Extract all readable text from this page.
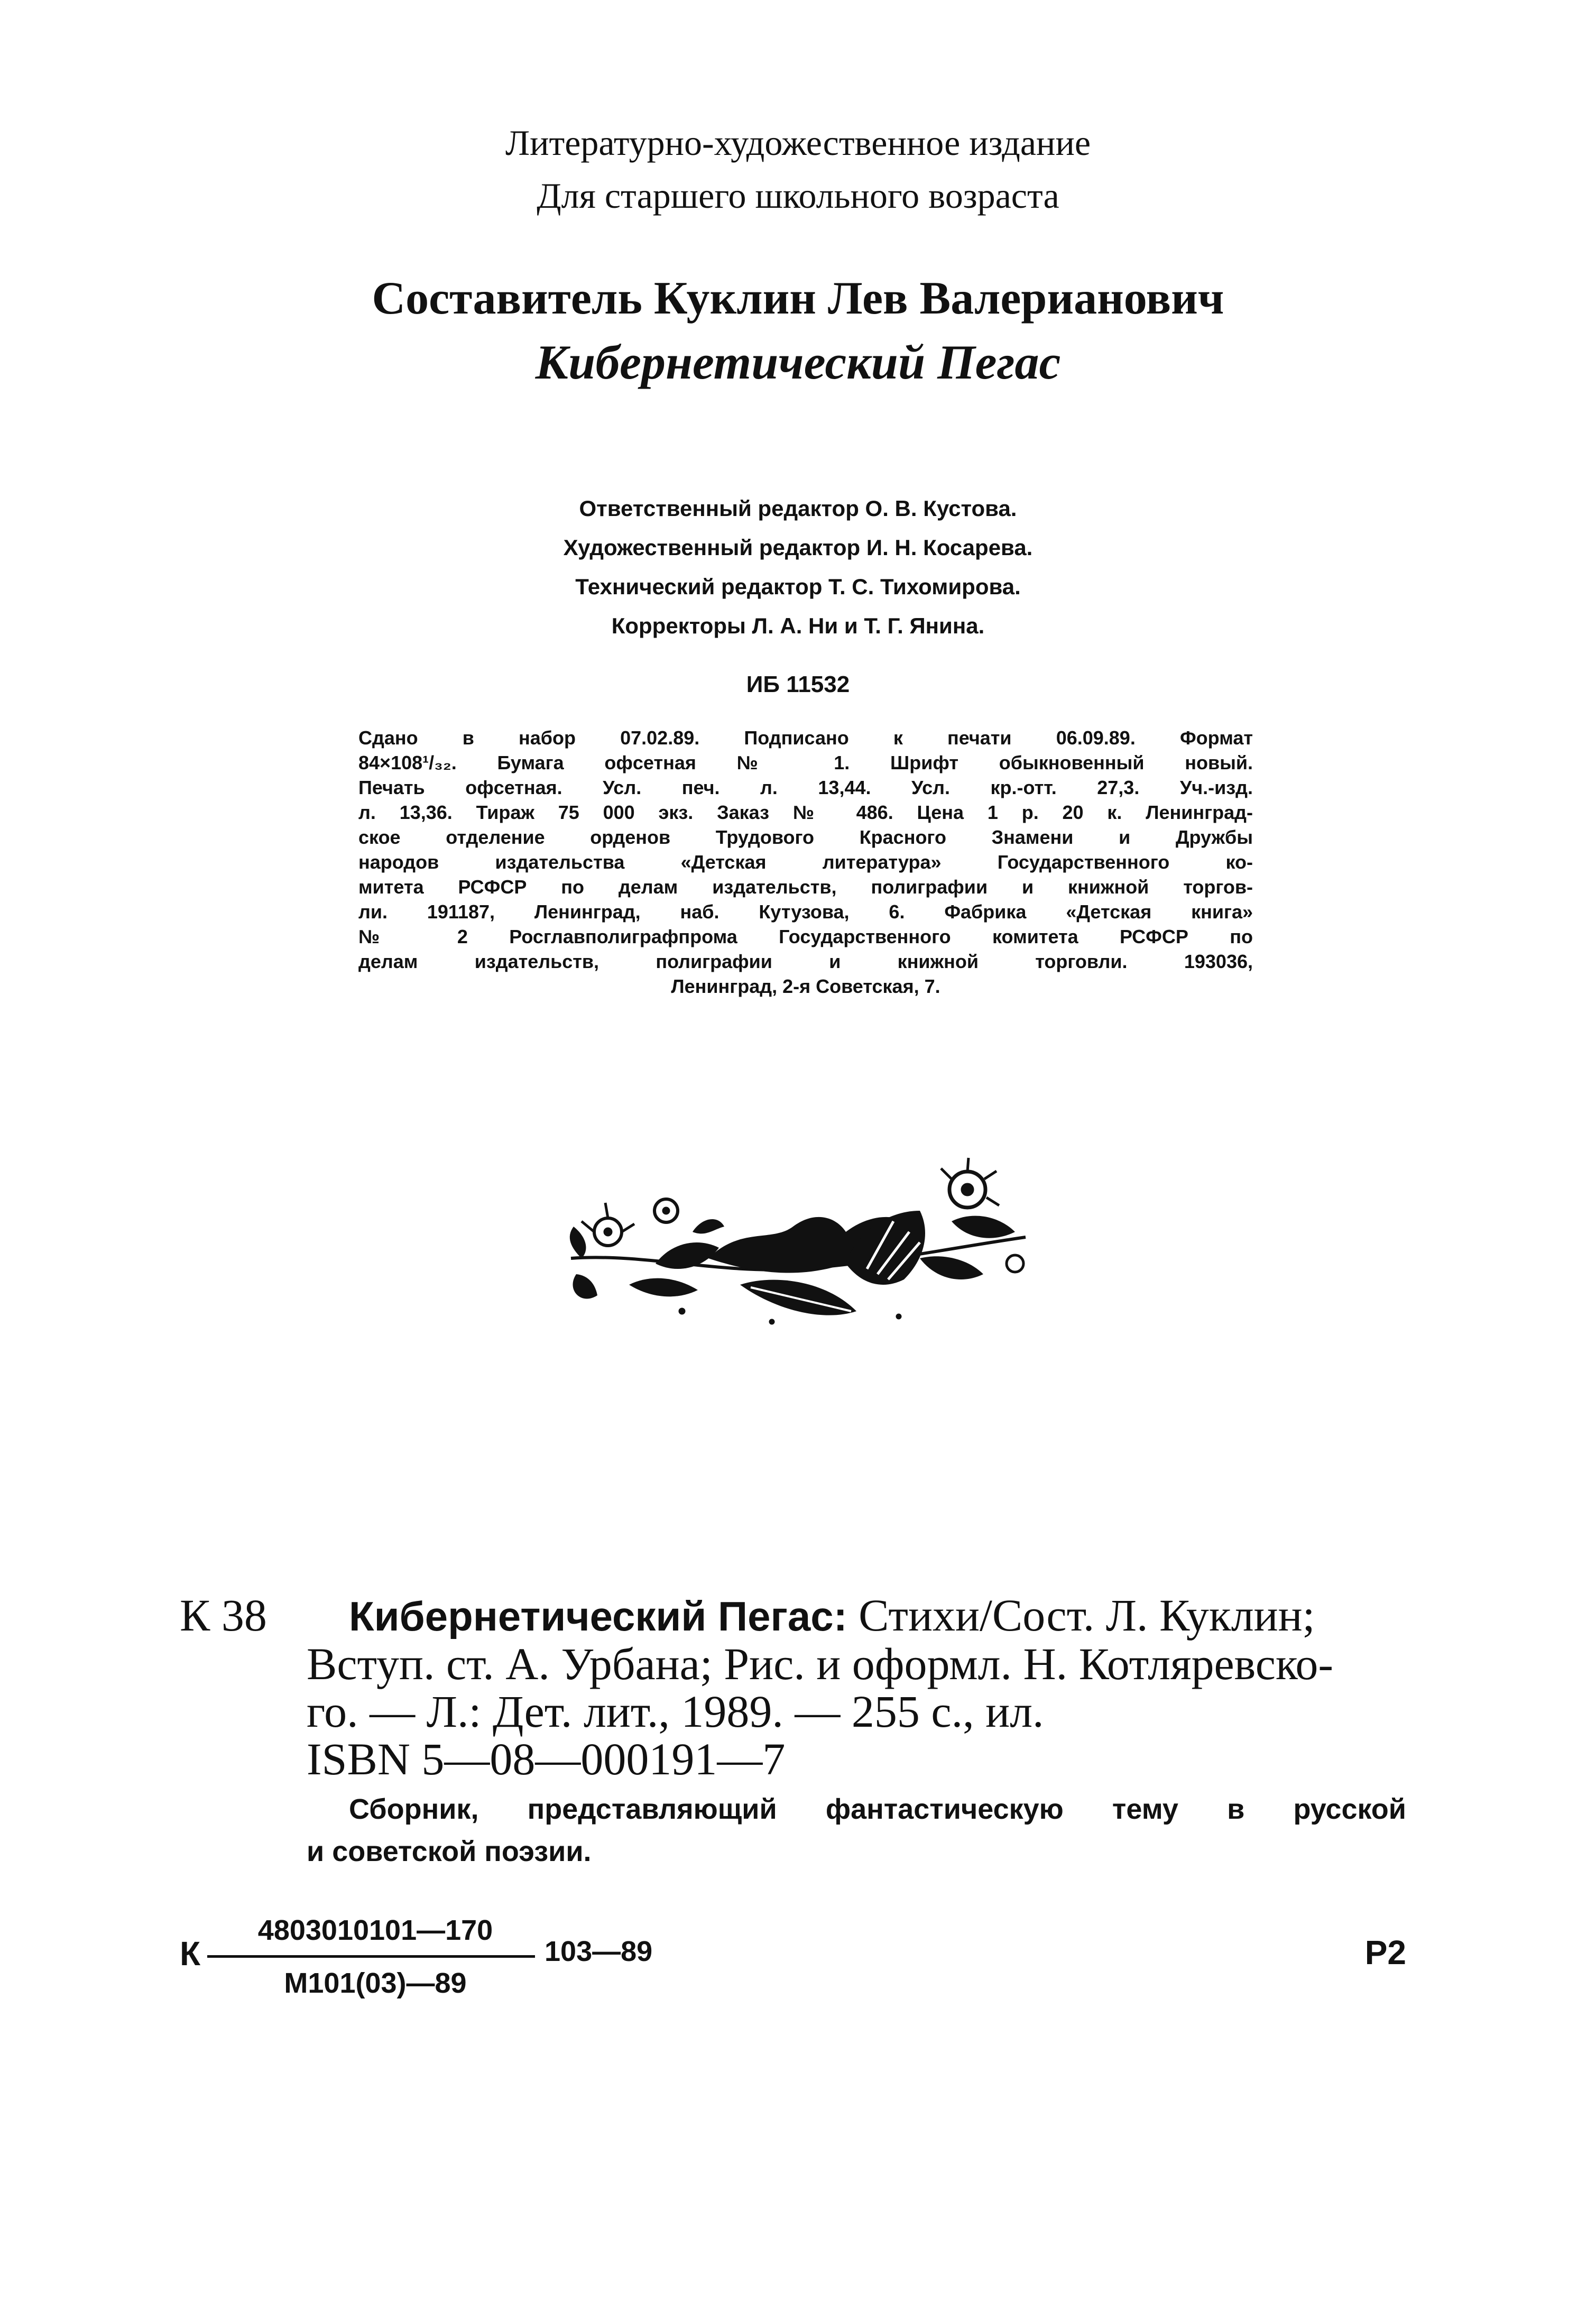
Литературно-художественное издание
Для старшего школьного возраста
Составитель Куклин Лев Валерианович
Кибернетический Пегас
Ответственный редактор О. В. Кустова.
Художественный редактор И. Н. Косарева.
Технический редактор Т. С. Тихомирова.
Корректоры Л. А. Ни и Т. Г. Янина.
ИБ 11532
Сдано в набор 07.02.89. Подписано к печати 06.09.89. Формат
84×108¹/₃₂. Бумага офсетная № 1. Шрифт обыкновенный новый.
Печать офсетная. Усл. печ. л. 13,44. Усл. кр.-отт. 27,3. Уч.-изд.
л. 13,36. Тираж 75 000 экз. Заказ № 486. Цена 1 р. 20 к. Ленинград-
ское отделение орденов Трудового Красного Знамени и Дружбы
народов издательства «Детская литература» Государственного ко-
митета РСФСР по делам издательств, полиграфии и книжной торгов-
ли. 191187, Ленинград, наб. Кутузова, 6. Фабрика «Детская книга»
№ 2 Росглавполиграфпрома Государственного комитета РСФСР по
делам издательств, полиграфии и книжной торговли. 193036,
Ленинград, 2-я Советская, 7.
К 38	Кибернетический Пегас: Стихи/Сост. Л. Куклин;
Вступ. ст. А. Урбана; Рис. и оформл. Н. Котляревско-
го. — Л.: Дет. лит., 1989. — 255 с., ил.
ISBN 5—08—000191—7
Сборник, представляющий фантастическую тему в русской
и советской поэзии.
К
4803010101—170
М101(03)—89
103—89	Р2
